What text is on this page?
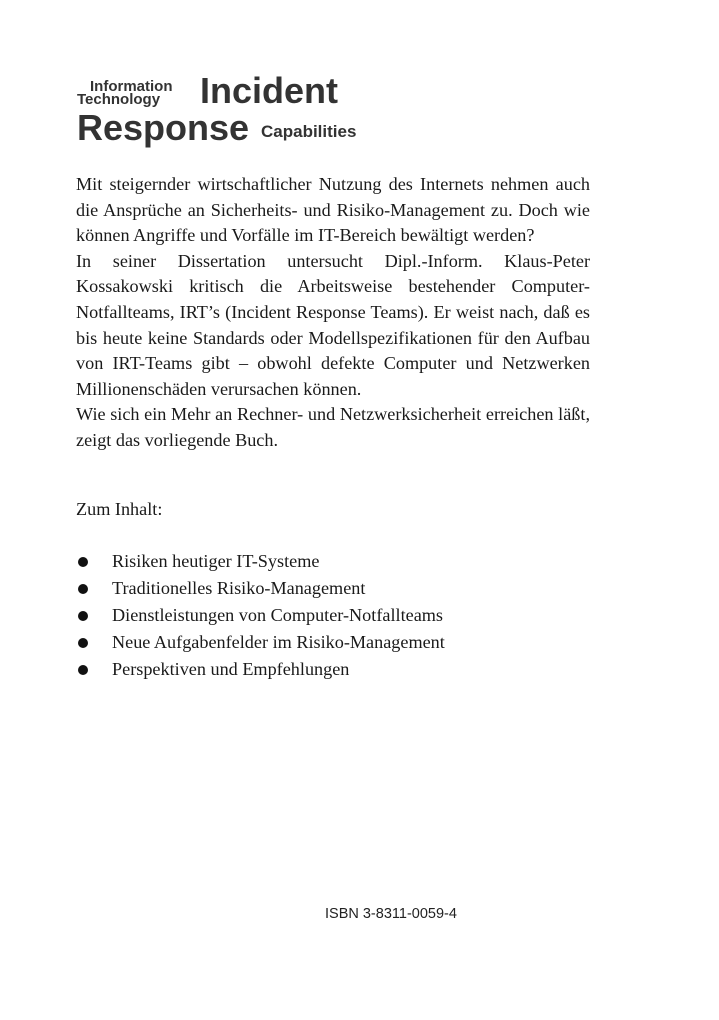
Information
Technology Incident
Response Capabilities

Mit steigernder wirtschaftlicher Nutzung des Internets nehmen auch die Ansprüche an Sicherheits- und Risiko-Management zu. Doch wie können Angriffe und Vorfälle im IT-Bereich bewältigt werden?

In seiner Dissertation untersucht Dipl.-Inform. Klaus-Peter Kossakowski kritisch die Arbeitsweise bestehender Computer-Notfallteams, IRT’s (Incident Response Teams). Er weist nach, daß es bis heute keine Standards oder Modellspezifikationen für den Aufbau von IRT-Teams gibt – obwohl defekte Computer und Netzwerken Millionenschäden verursachen können.

Wie sich ein Mehr an Rechner- und Netzwerksicherheit erreichen läßt, zeigt das vorliegende Buch.

Zum Inhalt:

Risiken heutiger IT-Systeme
Traditionelles Risiko-Management
Dienstleistungen von Computer-Notfallteams
Neue Aufgabenfelder im Risiko-Management
Perspektiven und Empfehlungen
ISBN 3-8311-0059-4
